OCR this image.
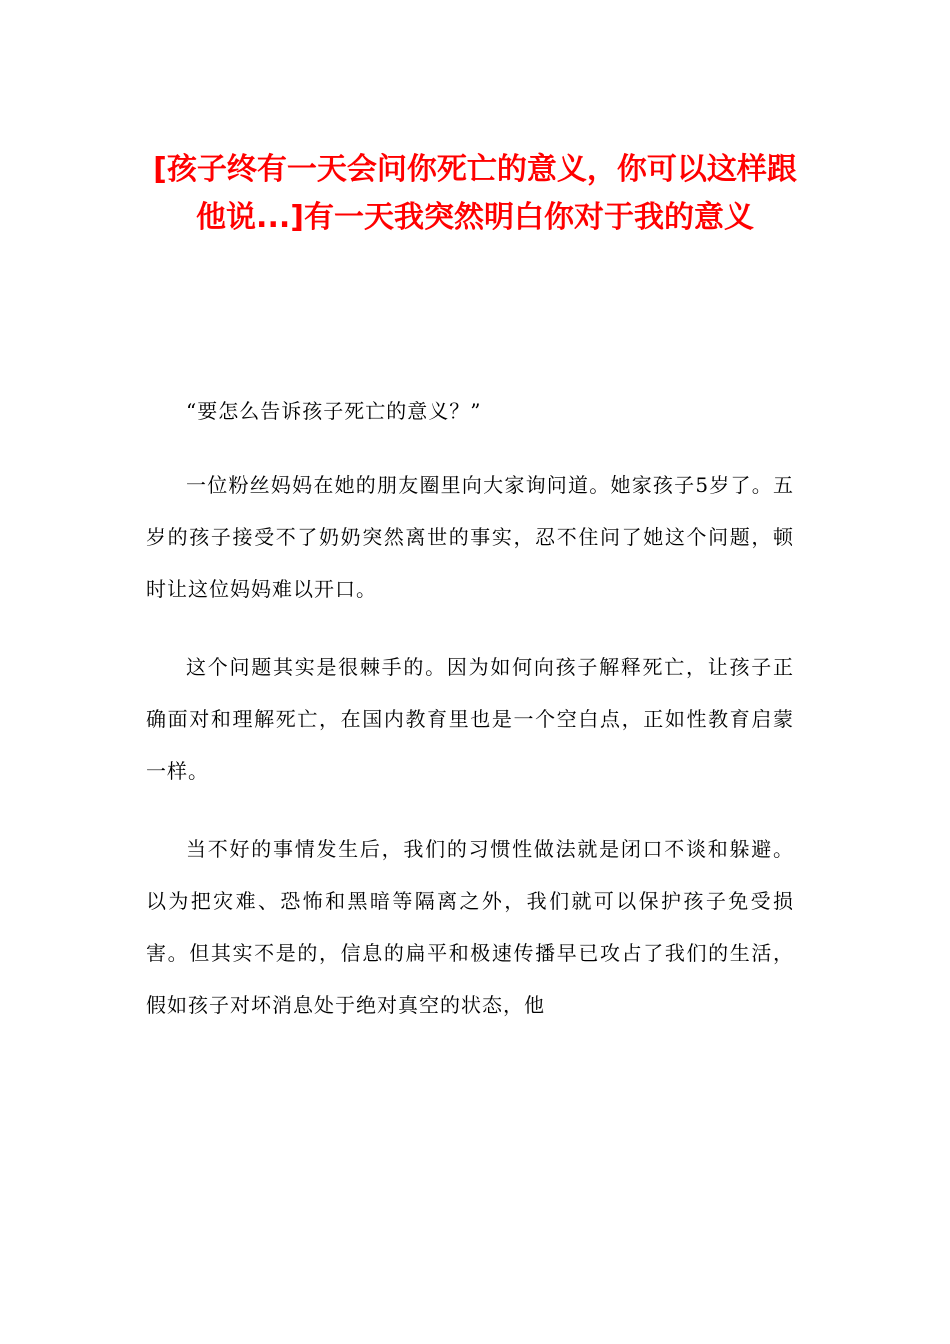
[孩子终有一天会问你死亡的意义，你可以这样跟他说...]有一天我突然明白你对于我的意义

“要怎么告诉孩子死亡的意义？”

一位粉丝妈妈在她的朋友圈里向大家询问道。她家孩子5岁了。五岁的孩子接受不了奶奶突然离世的事实，忍不住问了她这个问题，顿时让这位妈妈难以开口。

这个问题其实是很棘手的。因为如何向孩子解释死亡，让孩子正确面对和理解死亡，在国内教育里也是一个空白点，正如性教育启蒙一样。

当不好的事情发生后，我们的习惯性做法就是闭口不谈和躲避。以为把灾难、恐怖和黑暗等隔离之外，我们就可以保护孩子免受损害。但其实不是的，信息的扁平和极速传播早已攻占了我们的生活，假如孩子对坏消息处于绝对真空的状态，他
